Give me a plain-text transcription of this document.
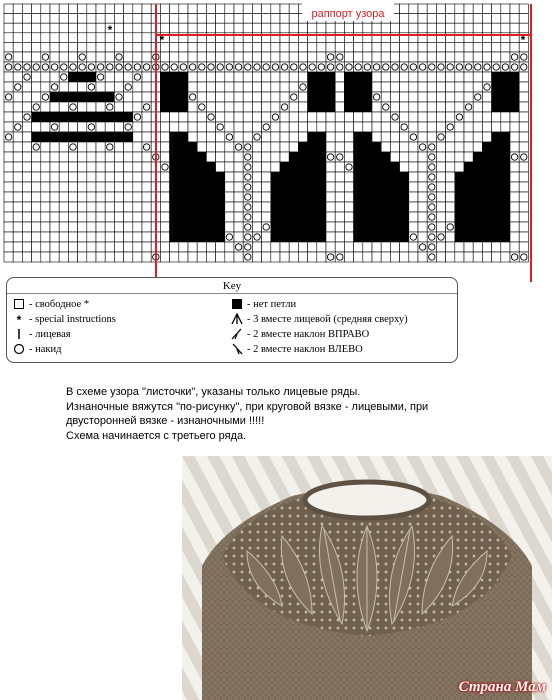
раппорт узора
*	*
*
Key
- свободное *
* - special instructions
- лицевая
- накид
- нет петли
- 3 вместе лицевой (средняя сверху)
- 2 вместе наклон ВПРАВО
- 2 вместе наклон ВЛЕВО
В схеме узора "листочки", указаны только лицевые ряды.
Изнаночные вяжутся "по-рисунку", при круговой вязке - лицевыми, при
двусторонней вязке - изнаночными !!!!!
Схема начинается с третьего ряда.
Страна Мам
